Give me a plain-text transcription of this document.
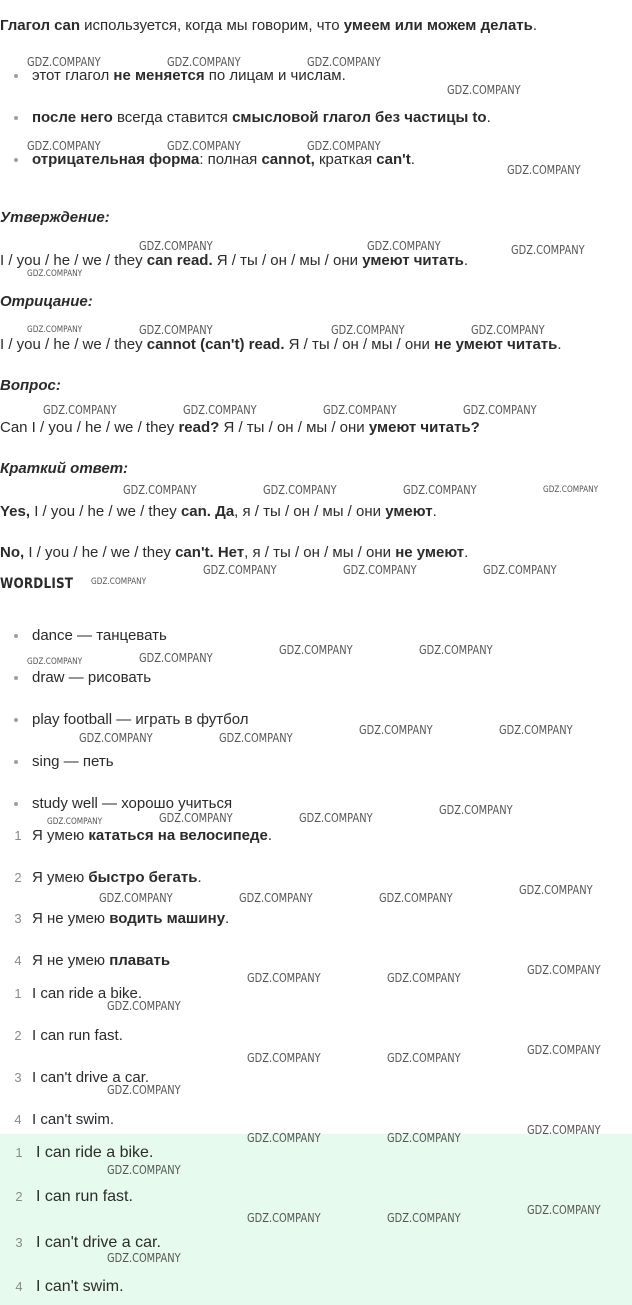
Глагол can используется, когда мы говорим, что умеем или можем делать.
этот глагол не меняется по лицам и числам.
после него всегда ставится смысловой глагол без частицы to.
отрицательная форма: полная cannot, краткая can't.
Утверждение:
I / you / he / we / they can read. Я / ты / он / мы / они умеют читать.
Отрицание:
I / you / he / we / they cannot (can't) read. Я / ты / он / мы / они не умеют читать.
Вопрос:
Can I / you / he / we / they read? Я / ты / он / мы / они умеют читать?
Краткий ответ:
Yes, I / you / he / we / they can. Да, я / ты / он / мы / они умеют.
No, I / you / he / we / they can't. Нет, я / ты / он / мы / они не умеют.
WORDLIST
dance — танцевать
draw — рисовать
play football — играть в футбол
sing — петь
study well — хорошо учиться
1 Я умею кататься на велосипеде.
2 Я умею быстро бегать.
3 Я не умею водить машину.
4 Я не умею плавать
1 I can ride a bike.
2 I can run fast.
3 I can't drive a car.
4 I can't swim.
1 I can ride a bike.
2 I can run fast.
3 I can't drive a car.
4 I can't swim.
GDZ.COMPANY	GDZ.COMPANY	GDZ.COMPANY
GDZ.COMPANY
GDZ.COMPANY	GDZ.COMPANY	GDZ.COMPANY
GDZ.COMPANY
GDZ.COMPANY	GDZ.COMPANY	GDZ.COMPANY
GDZ.COMPANY
GDZ.COMPANY	GDZ.COMPANY	GDZ.COMPANY	GDZ.COMPANY
GDZ.COMPANY	GDZ.COMPANY	GDZ.COMPANY	GDZ.COMPANY
GDZ.COMPANY	GDZ.COMPANY	GDZ.COMPANY	GDZ.COMPANY
GDZ.COMPANY
GDZ.COMPANY	GDZ.COMPANY	GDZ.COMPANY
GDZ.COMPANY	GDZ.COMPANY
GDZ.COMPANY	GDZ.COMPANY
GDZ.COMPANY	GDZ.COMPANY
GDZ.COMPANY	GDZ.COMPANY
GDZ.COMPANY	GDZ.COMPANY	GDZ.COMPANY
GDZ.COMPANY
GDZ.COMPANY	GDZ.COMPANY	GDZ.COMPANY
GDZ.COMPANY
GDZ.COMPANY	GDZ.COMPANY
GDZ.COMPANY
GDZ.COMPANY
GDZ.COMPANY	GDZ.COMPANY
GDZ.COMPANY
GDZ.COMPANY
GDZ.COMPANY	GDZ.COMPANY
GDZ.COMPANY
GDZ.COMPANY
GDZ.COMPANY	GDZ.COMPANY
GDZ.COMPANY
GDZ.COMPANY
